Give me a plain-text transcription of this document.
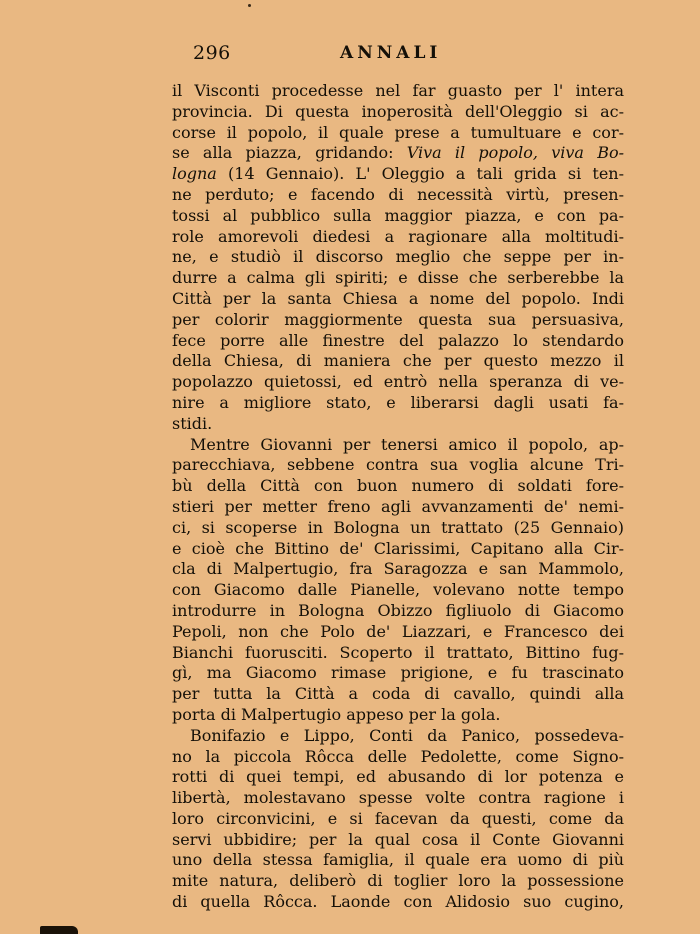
296	ANNALI
il Visconti procedesse nel far guasto per l' intera
provincia. Di questa inoperosità dell'Oleggio si ac-
corse il popolo, il quale prese a tumultuare e cor-
se alla piazza, gridando: Viva il popolo, viva Bo-
logna (14 Gennaio). L' Oleggio a tali grida si ten-
ne perduto; e facendo di necessità virtù, presen-
tossi al pubblico sulla maggior piazza, e con pa-
role amorevoli diedesi a ragionare alla moltitudi-
ne, e studiò il discorso meglio che seppe per in-
durre a calma gli spiriti; e disse che serberebbe la
Città per la santa Chiesa a nome del popolo. Indi
per colorir maggiormente questa sua persuasiva,
fece porre alle finestre del palazzo lo stendardo
della Chiesa, di maniera che per questo mezzo il
popolazzo quietossi, ed entrò nella speranza di ve-
nire a migliore stato, e liberarsi dagli usati fa-
stidi.
Mentre Giovanni per tenersi amico il popolo, ap-
parecchiava, sebbene contra sua voglia alcune Tri-
bù della Città con buon numero di soldati fore-
stieri per metter freno agli avvanzamenti de' nemi-
ci, si scoperse in Bologna un trattato (25 Gennaio)
e cioè che Bittino de' Clarissimi, Capitano alla Cir-
cla di Malpertugio, fra Saragozza e san Mammolo,
con Giacomo dalle Pianelle, volevano notte tempo
introdurre in Bologna Obizzo figliuolo di Giacomo
Pepoli, non che Polo de' Liazzari, e Francesco dei
Bianchi fuorusciti. Scoperto il trattato, Bittino fug-
gì, ma Giacomo rimase prigione, e fu trascinato
per tutta la Città a coda di cavallo, quindi alla
porta di Malpertugio appeso per la gola.
Bonifazio e Lippo, Conti da Panico, possedeva-
no la piccola Rôcca delle Pedolette, come Signo-
rotti di quei tempi, ed abusando di lor potenza e
libertà, molestavano spesse volte contra ragione i
loro circonvicini, e si facevan da questi, come da
servi ubbidire; per la qual cosa il Conte Giovanni
uno della stessa famiglia, il quale era uomo di più
mite natura, deliberò di toglier loro la possessione
di quella Rôcca. Laonde con Alidosio suo cugino,
